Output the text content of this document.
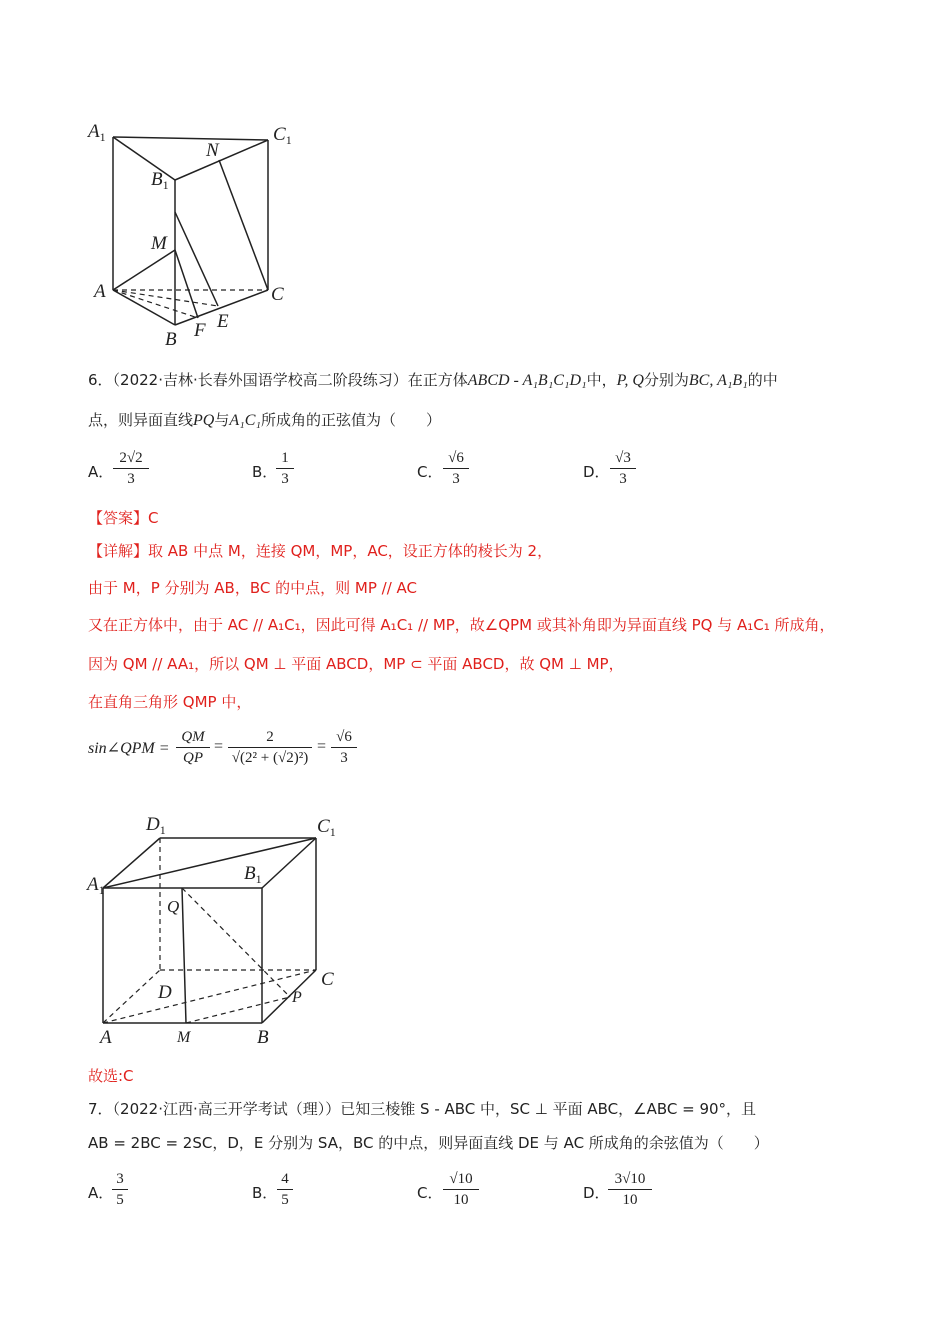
$A_1$	$C_1$
$B_1$
N
M
A	C
B F E
6．（2022·吉林·长春外国语学校高二阶段练习）在正方体ABCD - A₁B₁C₁D₁中，P, Q分别为BC, A₁B₁的中
点，则异面直线PQ与A₁C₁所成角的正弦值为（　　）
A．
2√2
3	B．
1
3	C．
√6
3	D．
√3
3
【答案】C
【详解】取 AB 中点 M，连接 QM，MP，AC，设正方体的棱长为 2，
由于 M，P 分别为 AB，BC 的中点，则 MP // AC
又在正方体中，由于 AC // A₁C₁，因此可得 A₁C₁ // MP，故∠QPM 或其补角即为异面直线 PQ 与 A₁C₁ 所成角，
因为 QM // AA₁，所以 QM ⊥ 平面 ABCD，MP ⊂ 平面 ABCD，故 QM ⊥ MP，
在直角三角形 QMP 中，
sin∠QPM =
QM
QP
=
2
√(2² + (√2)²)
=
√6
3
$D_1$	$C_1$
$A_1$
$B_1$
Q
D
C
P
A	M	B
故选:C
7．（2022·江西·高三开学考试（理））已知三棱锥 S - ABC 中，SC ⊥ 平面 ABC，∠ABC = 90°，且
AB = 2BC = 2SC，D，E 分别为 SA，BC 的中点，则异面直线 DE 与 AC 所成角的余弦值为（　　）
A．
3
5	B．
4
5	C．
√10
10	D．
3√10
10
